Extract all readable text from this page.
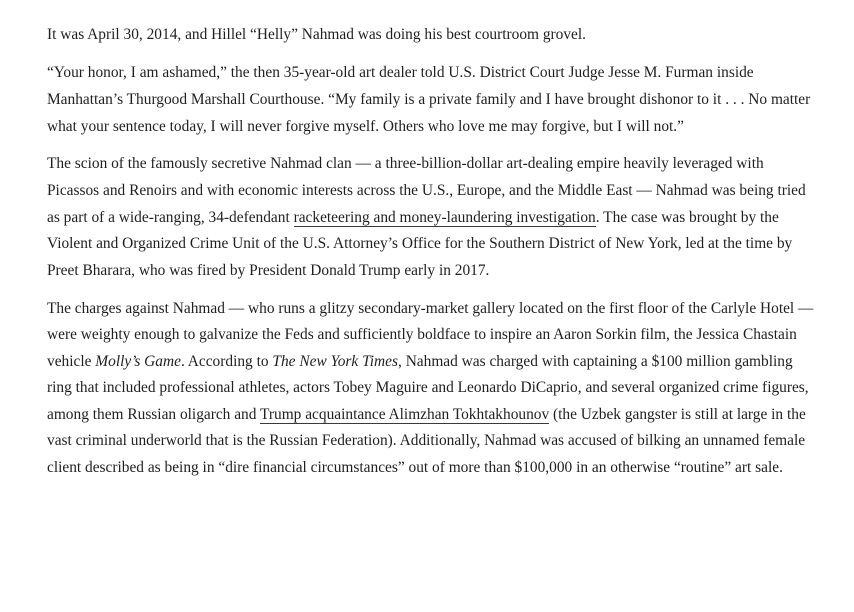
It was April 30, 2014, and Hillel “Helly” Nahmad was doing his best courtroom grovel.

“Your honor, I am ashamed,” the then 35-year-old art dealer told U.S. District Court Judge Jesse M. Furman inside Manhattan’s Thurgood Marshall Courthouse. “My family is a private family and I have brought dishonor to it . . . No matter what your sentence today, I will never forgive myself. Others who love me may forgive, but I will not.”

The scion of the famously secretive Nahmad clan — a three-billion-dollar art-dealing empire heavily leveraged with Picassos and Renoirs and with economic interests across the U.S., Europe, and the Middle East — Nahmad was being tried as part of a wide-ranging, 34-defendant racketeering and money-laundering investigation. The case was brought by the Violent and Organized Crime Unit of the U.S. Attorney’s Office for the Southern District of New York, led at the time by Preet Bharara, who was fired by President Donald Trump early in 2017.

The charges against Nahmad — who runs a glitzy secondary-market gallery located on the first floor of the Carlyle Hotel — were weighty enough to galvanize the Feds and sufficiently boldface to inspire an Aaron Sorkin film, the Jessica Chastain vehicle Molly’s Game. According to The New York Times, Nahmad was charged with captaining a $100 million gambling ring that included professional athletes, actors Tobey Maguire and Leonardo DiCaprio, and several organized crime figures, among them Russian oligarch and Trump acquaintance Alimzhan Tokhtakhounov (the Uzbek gangster is still at large in the vast criminal underworld that is the Russian Federation). Additionally, Nahmad was accused of bilking an unnamed female client described as being in “dire financial circumstances” out of more than $100,000 in an otherwise “routine” art sale.
